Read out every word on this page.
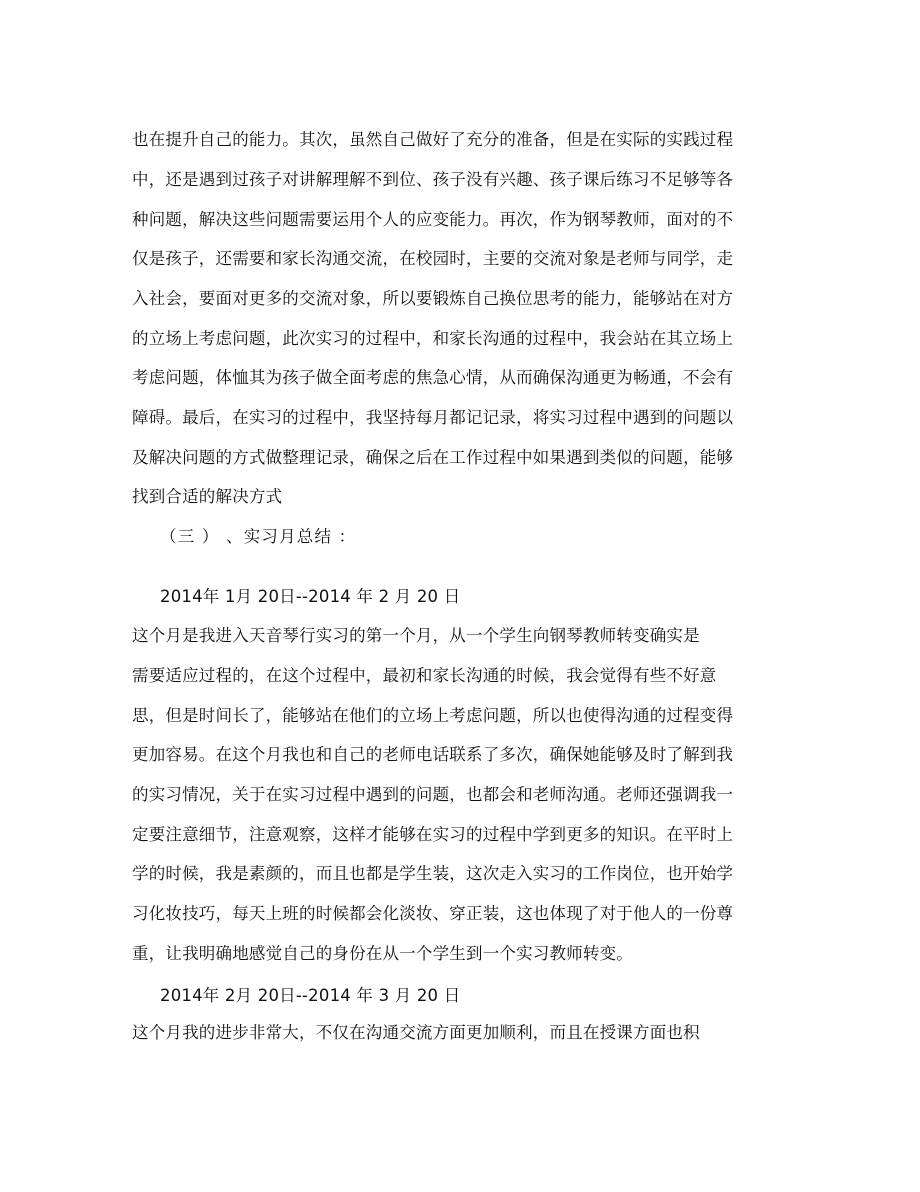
也在提升自己的能力。其次，虽然自己做好了充分的准备，但是在实际的实践过程
中，还是遇到过孩子对讲解理解不到位、孩子没有兴趣、孩子课后练习不足够等各
种问题，解决这些问题需要运用个人的应变能力。再次，作为钢琴教师，面对的不
仅是孩子，还需要和家长沟通交流，在校园时，主要的交流对象是老师与同学，走
入社会，要面对更多的交流对象，所以要锻炼自己换位思考的能力，能够站在对方
的立场上考虑问题，此次实习的过程中，和家长沟通的过程中，我会站在其立场上
考虑问题，体恤其为孩子做全面考虑的焦急心情，从而确保沟通更为畅通，不会有
障碍。最后，在实习的过程中，我坚持每月都记记录，将实习过程中遇到的问题以
及解决问题的方式做整理记录，确保之后在工作过程中如果遇到类似的问题，能够
找到合适的解决方式
（三 ） 、实习月总结 ：
2014年 1月 20日--2014 年 2 月 20 日
这个月是我进入天音琴行实习的第一个月，从一个学生向钢琴教师转变确实是
需要适应过程的，在这个过程中，最初和家长沟通的时候，我会觉得有些不好意
思，但是时间长了，能够站在他们的立场上考虑问题，所以也使得沟通的过程变得
更加容易。在这个月我也和自己的老师电话联系了多次，确保她能够及时了解到我
的实习情况，关于在实习过程中遇到的问题，也都会和老师沟通。老师还强调我一
定要注意细节，注意观察，这样才能够在实习的过程中学到更多的知识。在平时上
学的时候，我是素颜的，而且也都是学生装，这次走入实习的工作岗位，也开始学
习化妆技巧，每天上班的时候都会化淡妆、穿正装，这也体现了对于他人的一份尊
重，让我明确地感觉自己的身份在从一个学生到一个实习教师转变。
2014年 2月 20日--2014 年 3 月 20 日
这个月我的进步非常大，不仅在沟通交流方面更加顺利，而且在授课方面也积
